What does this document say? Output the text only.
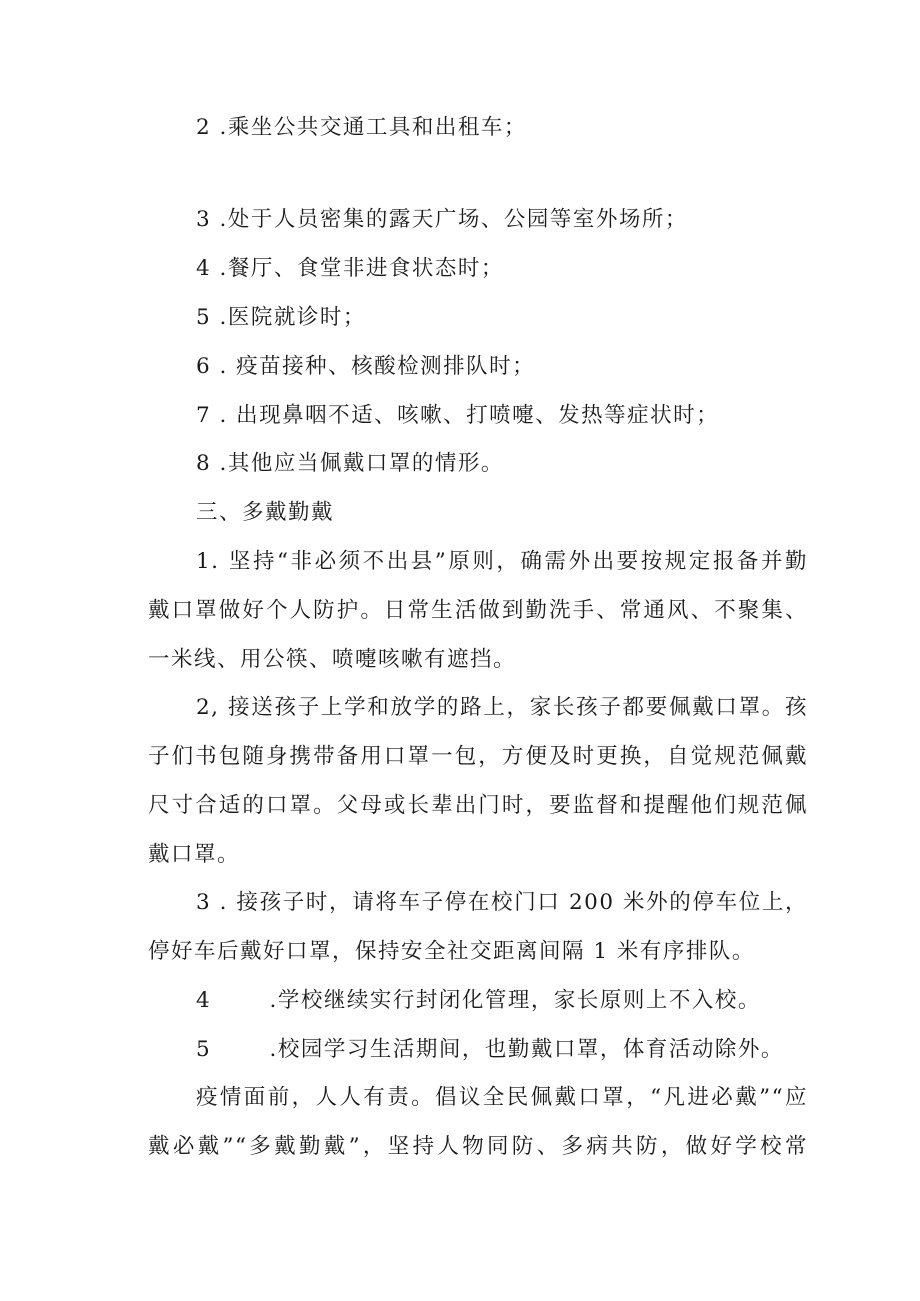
2 .乘坐公共交通工具和出租车；
3 .处于人员密集的露天广场、公园等室外场所；
4 .餐厅、食堂非进食状态时；
5 .医院就诊时；
6 . 疫苗接种、核酸检测排队时；
7 . 出现鼻咽不适、咳嗽、打喷嚏、发热等症状时；
8 .其他应当佩戴口罩的情形。
三、多戴勤戴
1. 坚持“非必须不出县”原则，确需外出要按规定报备并勤
戴口罩做好个人防护。日常生活做到勤洗手、常通风、不聚集、
一米线、用公筷、喷嚏咳嗽有遮挡。
2, 接送孩子上学和放学的路上，家长孩子都要佩戴口罩。孩
子们书包随身携带备用口罩一包，方便及时更换，自觉规范佩戴
尺寸合适的口罩。父母或长辈出门时，要监督和提醒他们规范佩
戴口罩。
3 . 接孩子时，请将车子停在校门口 200 米外的停车位上，
停好车后戴好口罩，保持安全社交距离间隔 1 米有序排队。
4       .学校继续实行封闭化管理，家长原则上不入校。
5       .校园学习生活期间，也勤戴口罩，体育活动除外。
疫情面前，人人有责。倡议全民佩戴口罩，“凡进必戴”“应
戴必戴”“多戴勤戴”，坚持人物同防、多病共防，做好学校常
